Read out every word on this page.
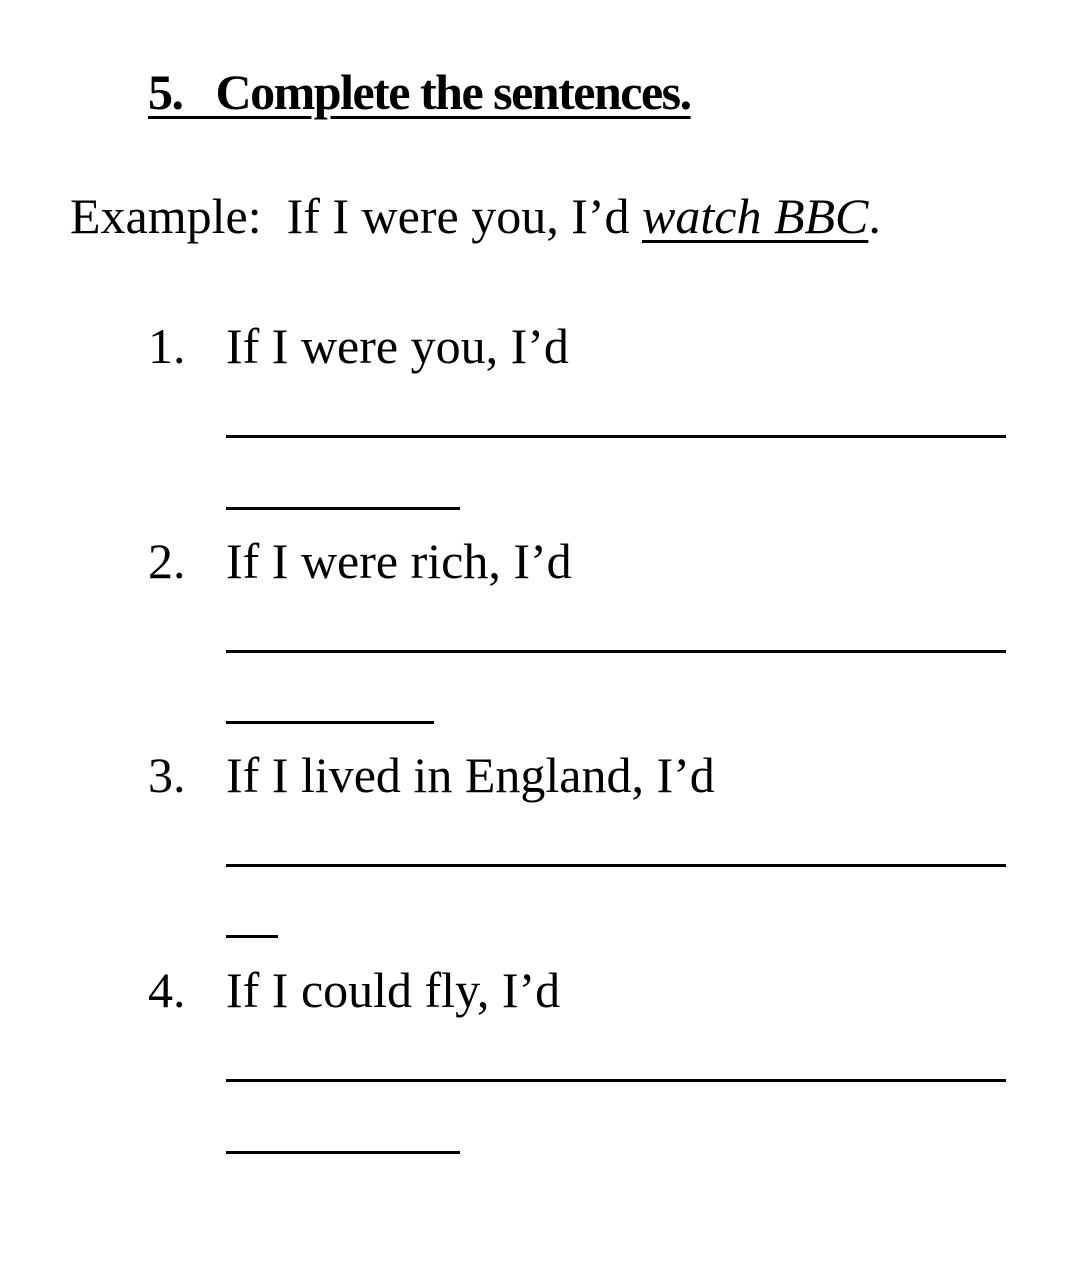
5.   Complete the sentences.
Example: If I were you, I’d watch BBC.
1. If I were you, I’d
2. If I were rich, I’d
3. If I lived in England, I’d
4. If I could fly, I’d
